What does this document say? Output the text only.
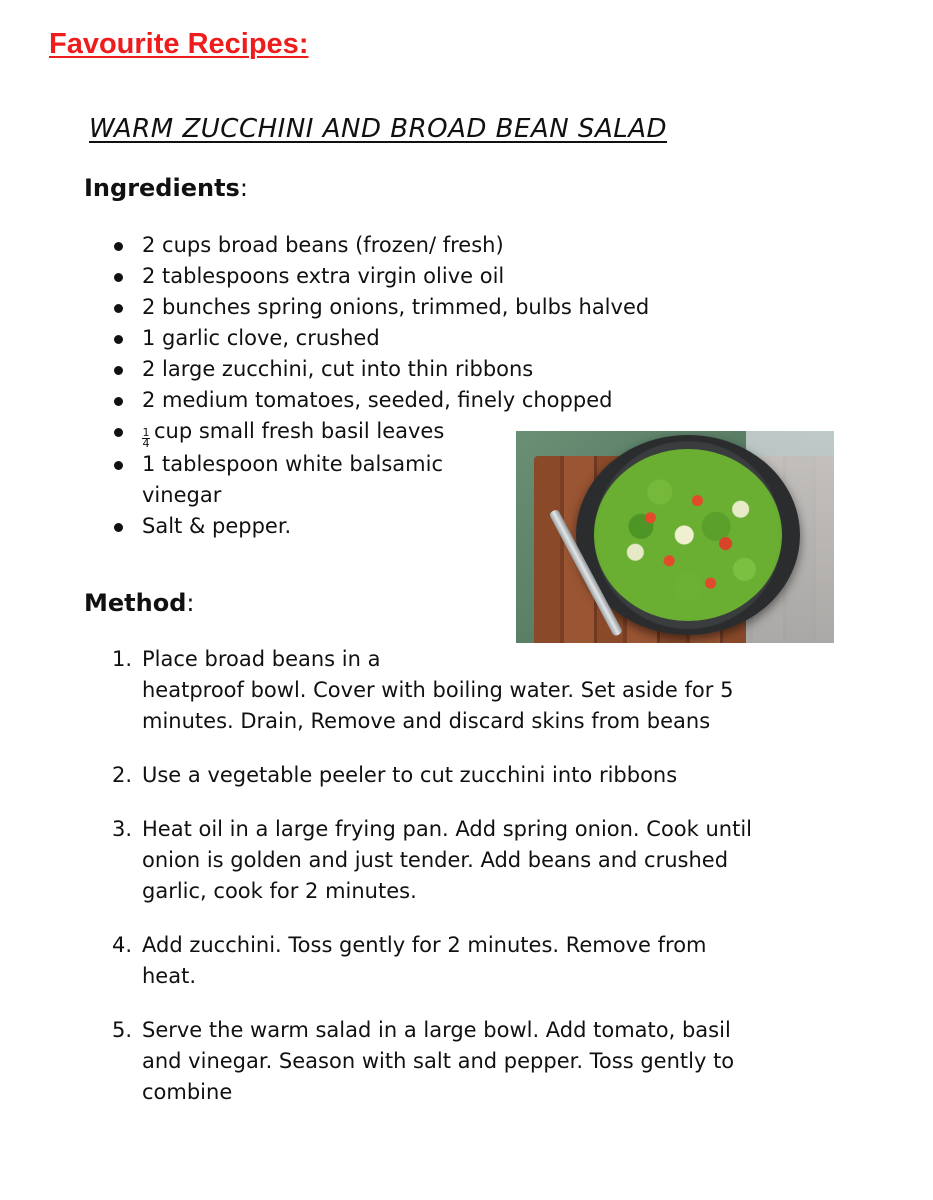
Favourite Recipes:
WARM ZUCCHINI AND BROAD BEAN SALAD
Ingredients:
2 cups broad beans (frozen/ fresh)
2 tablespoons extra virgin olive oil
2 bunches spring onions, trimmed, bulbs halved
1 garlic clove, crushed
2 large zucchini, cut into thin ribbons
2 medium tomatoes, seeded, finely chopped
$\frac{1}{4}$ cup small fresh basil leaves
1 tablespoon white balsamic vinegar
Salt & pepper.
Method:
1. Place broad beans in a
heatproof bowl. Cover with boiling water. Set aside for 5 minutes. Drain, Remove and discard skins from beans
2. Use a vegetable peeler to cut zucchini into ribbons
3. Heat oil in a large frying pan. Add spring onion. Cook until onion is golden and just tender. Add beans and crushed garlic, cook for 2 minutes.
4. Add zucchini. Toss gently for 2 minutes. Remove from heat.
5. Serve the warm salad in a large bowl. Add tomato, basil and vinegar. Season with salt and pepper. Toss gently to combine
